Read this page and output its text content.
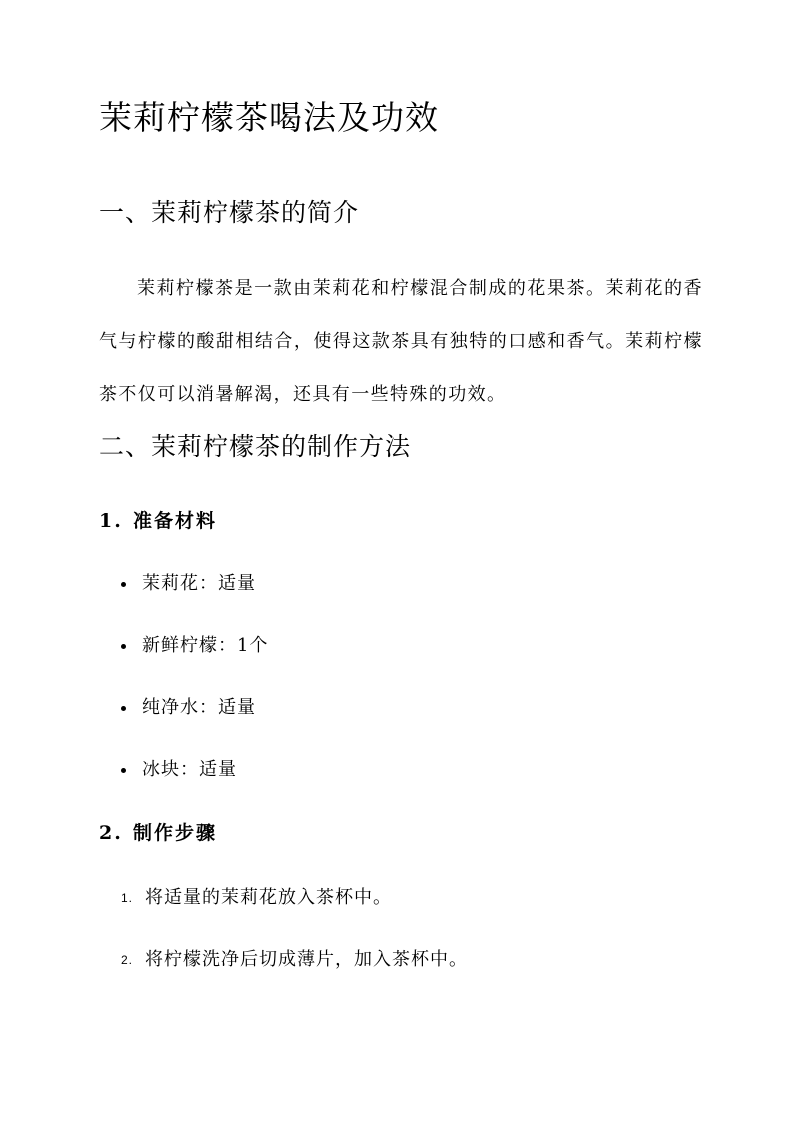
茉莉柠檬茶喝法及功效
一、茉莉柠檬茶的简介

茉莉柠檬茶是一款由茉莉花和柠檬混合制成的花果茶。茉莉花的香气与柠檬的酸甜相结合，使得这款茶具有独特的口感和香气。茉莉柠檬茶不仅可以消暑解渴，还具有一些特殊的功效。

二、茉莉柠檬茶的制作方法
1. 准备材料
茉莉花：适量
新鲜柠檬：1个
纯净水：适量
冰块：适量
2. 制作步骤
1. 将适量的茉莉花放入茶杯中。
2. 将柠檬洗净后切成薄片，加入茶杯中。
